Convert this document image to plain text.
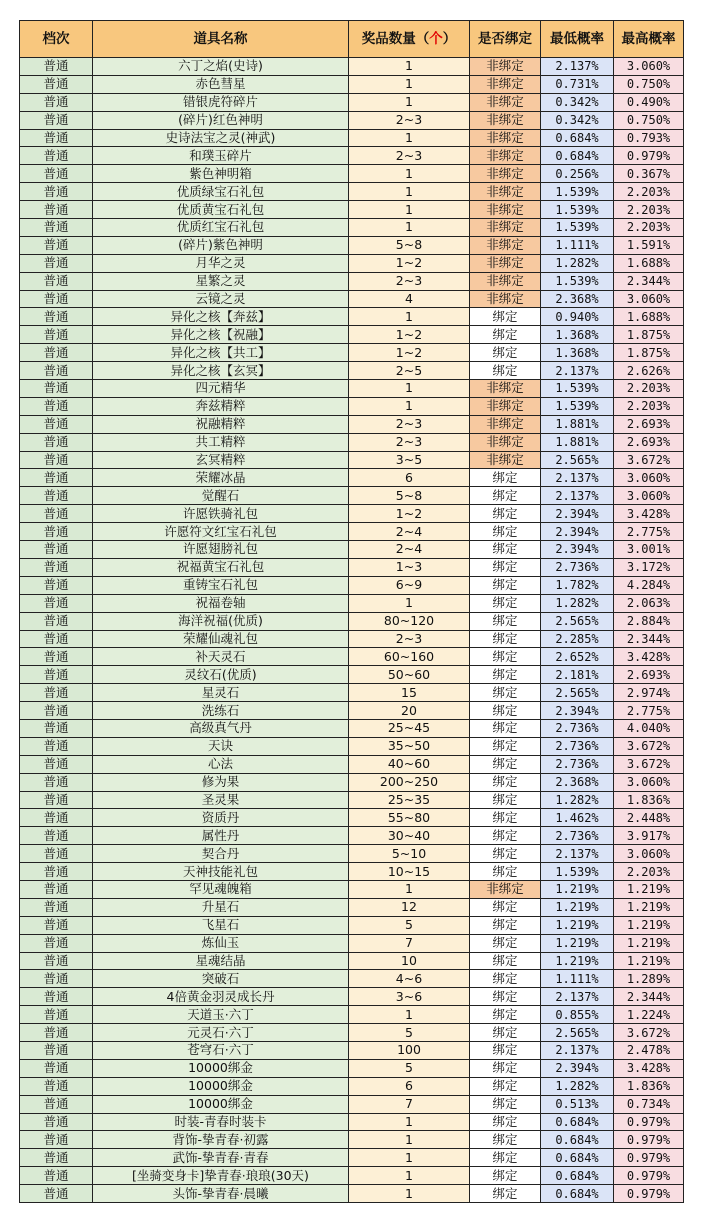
档次	道具名称	奖品数量（个）	是否绑定	最低概率	最高概率
普通	六丁之焰(史诗)	1	非绑定	2.137%	3.060%
普通	赤色彗星	1	非绑定	0.731%	0.750%
普通	错银虎符碎片	1	非绑定	0.342%	0.490%
普通	(碎片)红色神明	2~3	非绑定	0.342%	0.750%
普通	史诗法宝之灵(神武)	1	非绑定	0.684%	0.793%
普通	和璞玉碎片	2~3	非绑定	0.684%	0.979%
普通	紫色神明箱	1	非绑定	0.256%	0.367%
普通	优质绿宝石礼包	1	非绑定	1.539%	2.203%
普通	优质黄宝石礼包	1	非绑定	1.539%	2.203%
普通	优质红宝石礼包	1	非绑定	1.539%	2.203%
普通	(碎片)紫色神明	5~8	非绑定	1.111%	1.591%
普通	月华之灵	1~2	非绑定	1.282%	1.688%
普通	星繁之灵	2~3	非绑定	1.539%	2.344%
普通	云镜之灵	4	非绑定	2.368%	3.060%
普通	异化之核【奔兹】	1	绑定	0.940%	1.688%
普通	异化之核【祝融】	1~2	绑定	1.368%	1.875%
普通	异化之核【共工】	1~2	绑定	1.368%	1.875%
普通	异化之核【玄冥】	2~5	绑定	2.137%	2.626%
普通	四元精华	1	非绑定	1.539%	2.203%
普通	奔兹精粹	1	非绑定	1.539%	2.203%
普通	祝融精粹	2~3	非绑定	1.881%	2.693%
普通	共工精粹	2~3	非绑定	1.881%	2.693%
普通	玄冥精粹	3~5	非绑定	2.565%	3.672%
普通	荣耀冰晶	6	绑定	2.137%	3.060%
普通	觉醒石	5~8	绑定	2.137%	3.060%
普通	许愿铁骑礼包	1~2	绑定	2.394%	3.428%
普通	许愿符文红宝石礼包	2~4	绑定	2.394%	2.775%
普通	许愿翅膀礼包	2~4	绑定	2.394%	3.001%
普通	祝福黄宝石礼包	1~3	绑定	2.736%	3.172%
普通	重铸宝石礼包	6~9	绑定	1.782%	4.284%
普通	祝福卷轴	1	绑定	1.282%	2.063%
普通	海洋祝福(优质)	80~120	绑定	2.565%	2.884%
普通	荣耀仙魂礼包	2~3	绑定	2.285%	2.344%
普通	补天灵石	60~160	绑定	2.652%	3.428%
普通	灵纹石(优质)	50~60	绑定	2.181%	2.693%
普通	星灵石	15	绑定	2.565%	2.974%
普通	洗练石	20	绑定	2.394%	2.775%
普通	高级真气丹	25~45	绑定	2.736%	4.040%
普通	天诀	35~50	绑定	2.736%	3.672%
普通	心法	40~60	绑定	2.736%	3.672%
普通	修为果	200~250	绑定	2.368%	3.060%
普通	圣灵果	25~35	绑定	1.282%	1.836%
普通	资质丹	55~80	绑定	1.462%	2.448%
普通	属性丹	30~40	绑定	2.736%	3.917%
普通	契合丹	5~10	绑定	2.137%	3.060%
普通	天神技能礼包	10~15	绑定	1.539%	2.203%
普通	罕见魂魄箱	1	非绑定	1.219%	1.219%
普通	升星石	12	绑定	1.219%	1.219%
普通	飞星石	5	绑定	1.219%	1.219%
普通	炼仙玉	7	绑定	1.219%	1.219%
普通	星魂结晶	10	绑定	1.219%	1.219%
普通	突破石	4~6	绑定	1.111%	1.289%
普通	4倍黄金羽灵成长丹	3~6	绑定	2.137%	2.344%
普通	天道玉·六丁	1	绑定	0.855%	1.224%
普通	元灵石·六丁	5	绑定	2.565%	3.672%
普通	苍穹石·六丁	100	绑定	2.137%	2.478%
普通	10000绑金	5	绑定	2.394%	3.428%
普通	10000绑金	6	绑定	1.282%	1.836%
普通	10000绑金	7	绑定	0.513%	0.734%
普通	时装-青春时装卡	1	绑定	0.684%	0.979%
普通	背饰-挚青春·初露	1	绑定	0.684%	0.979%
普通	武饰-挚青春·青春	1	绑定	0.684%	0.979%
普通	[坐骑变身卡]挚青春·琅琅(30天)	1	绑定	0.684%	0.979%
普通	头饰-挚青春·晨曦	1	绑定	0.684%	0.979%
